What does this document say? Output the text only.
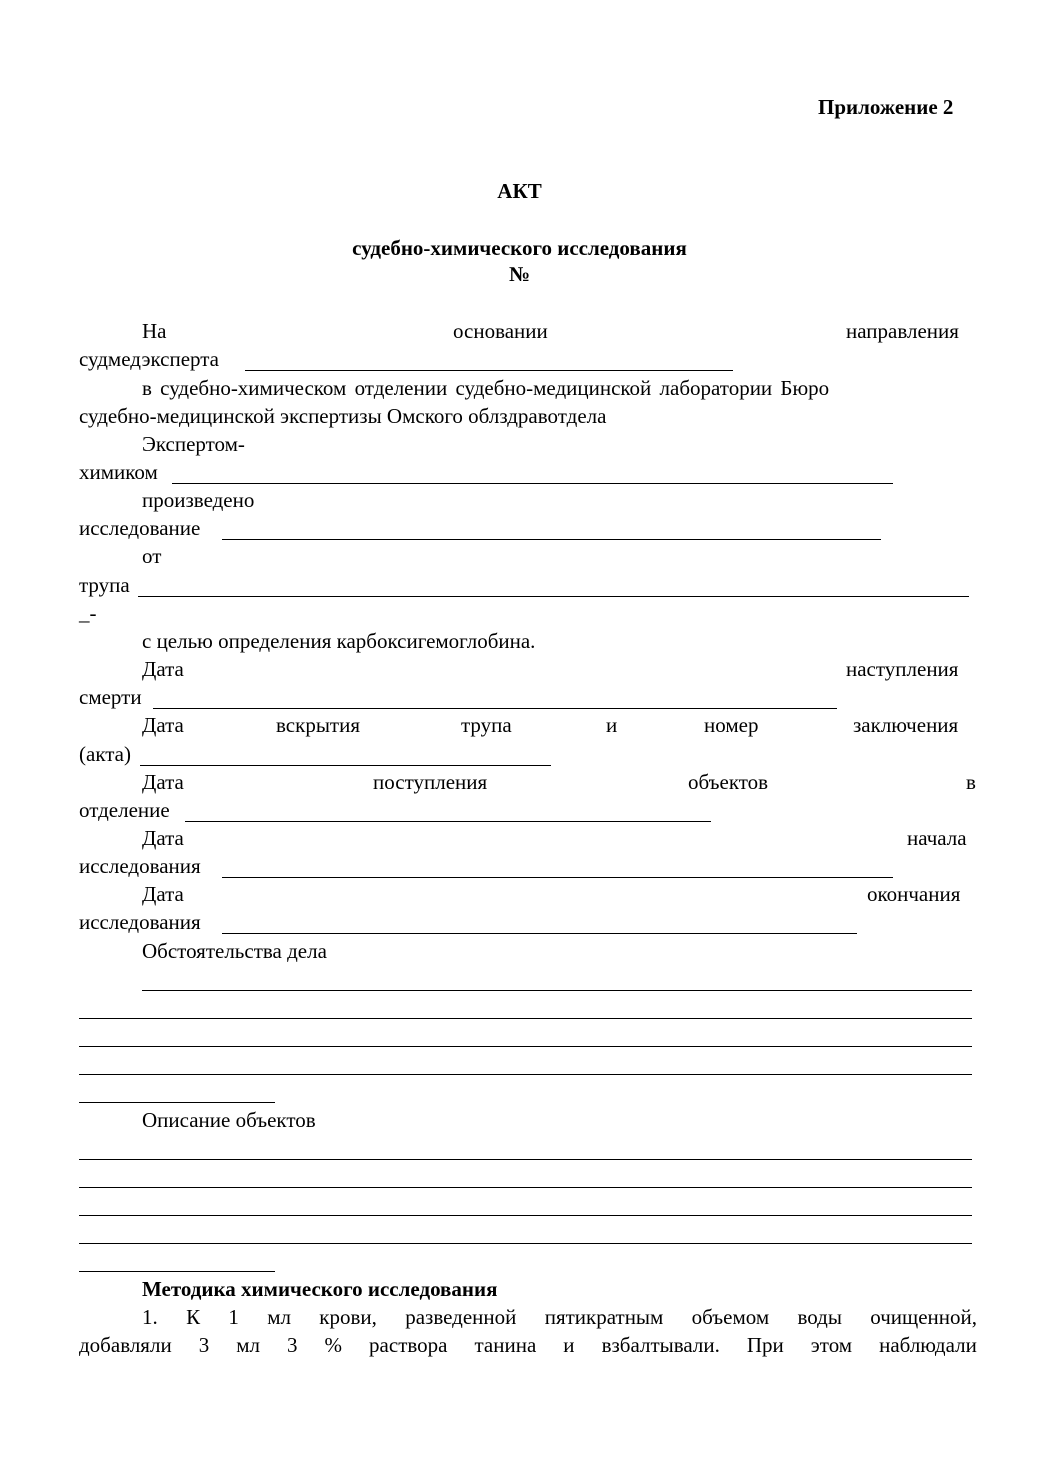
Приложение 2
АКТ
судебно-химического исследования
№
На	основании	направления
судмедэксперта
в судебно-химическом отделении судебно-медицинской лаборатории Бюро
судебно-медицинской экспертизы Омского облздравотдела
Экспертом-
химиком
произведено
исследование
от
трупа
_-
с целью определения карбоксигемоглобина.
Дата	наступления
смерти
Дата	вскрытия	трупа	и	номер	заключения
(акта)
Дата	поступления	объектов	в
отделение
Дата	начала
исследования
Дата	окончания
исследования
Обстоятельства дела
Описание объектов
Методика химического исследования
1. К 1 мл крови, разведенной пятикратным объемом воды очищенной,
добавляли 3 мл 3 % раствора танина и взбалтывали. При этом наблюдали
